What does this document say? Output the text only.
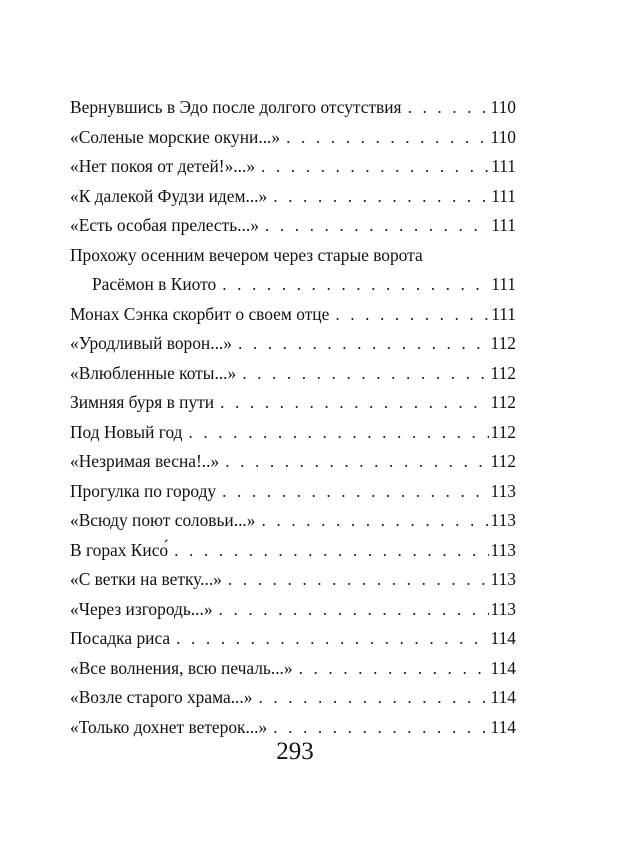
Вернувшись в Эдо после долгого отсутствия . . .	110
«Соленые морские окуни...» . . .	110
«Нет покоя от детей!»...» . . .	111
«К далекой Фудзи идем...» . . .	111
«Есть особая прелесть...» . . .	111
Прохожу осенним вечером через старые ворота
Расёмон в Киото . . .	111
Монах Сэнка скорбит о своем отце . . .	111
«Уродливый ворон...» . . .	112
«Влюбленные коты...» . . .	112
Зимняя буря в пути . . .	112
Под Новый год . . .	112
«Незримая весна!..» . . .	112
Прогулка по городу . . .	113
«Всюду поют соловьи...» . . .	113
В горах Кисо́ . . .	113
«С ветки на ветку...» . . .	113
«Через изгородь...» . . .	113
Посадка риса . . .	114
«Все волнения, всю печаль...» . . .	114
«Возле старого храма...» . . .	114
«Только дохнет ветерок...» . . .	114
293
